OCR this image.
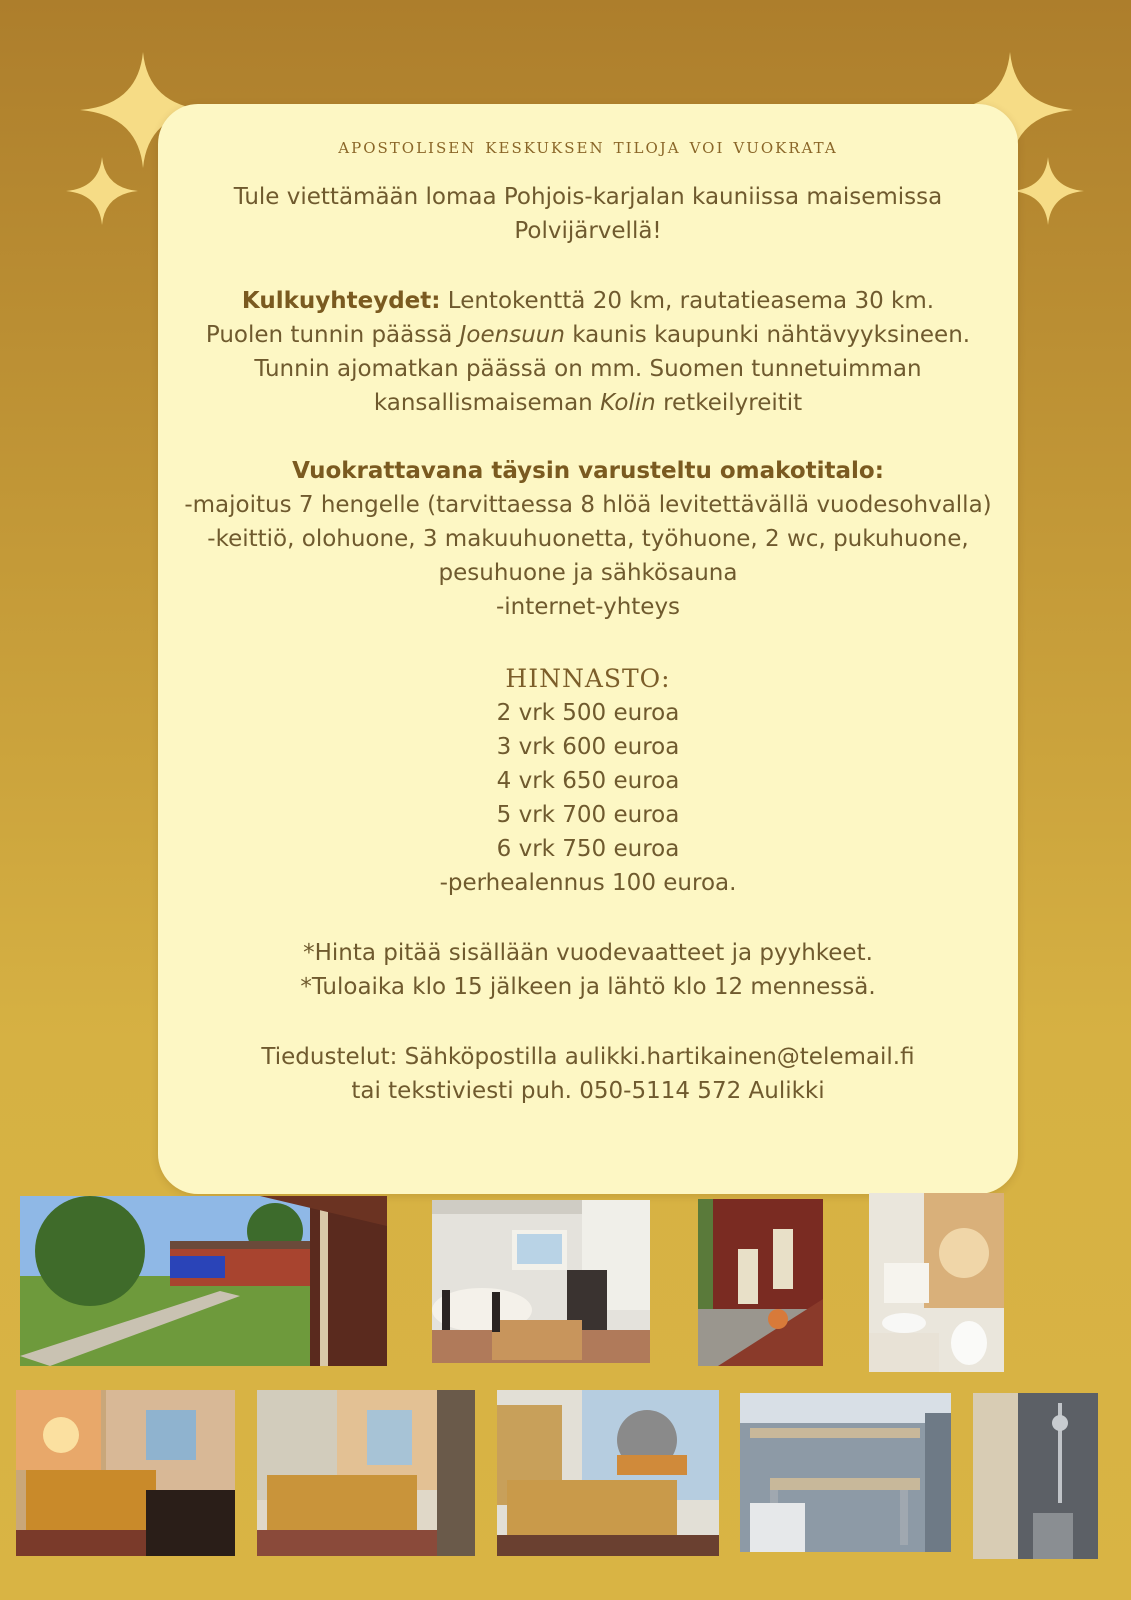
apostolisen keskuksen tiloja voi vuokrata
Tule viettämään lomaa Pohjois-karjalan kauniissa maisemissa
Polvijärvellä!
Kulkuyhteydet: Lentokenttä 20 km, rautatieasema 30 km.
Puolen tunnin päässä Joensuun kaunis kaupunki nähtävyyksineen.
Tunnin ajomatkan päässä on mm. Suomen tunnetuimman
kansallismaiseman Kolin retkeilyreitit
Vuokrattavana täysin varusteltu omakotitalo:
-majoitus 7 hengelle (tarvittaessa 8 hlöä levitettävällä vuodesohvalla)
-keittiö, olohuone, 3 makuuhuonetta, työhuone, 2 wc, pukuhuone,
pesuhuone ja sähkösauna
-internet-yhteys
HINNASTO:
2 vrk 500 euroa
3 vrk 600 euroa
4 vrk 650 euroa
5 vrk 700 euroa
6 vrk 750 euroa
-perhealennus 100 euroa.
*Hinta pitää sisällään vuodevaatteet ja pyyhkeet.
*Tuloaika klo 15 jälkeen ja lähtö klo 12 mennessä.
Tiedustelut: Sähköpostilla aulikki.hartikainen@telemail.fi
tai tekstiviesti puh. 050-5114 572 Aulikki
